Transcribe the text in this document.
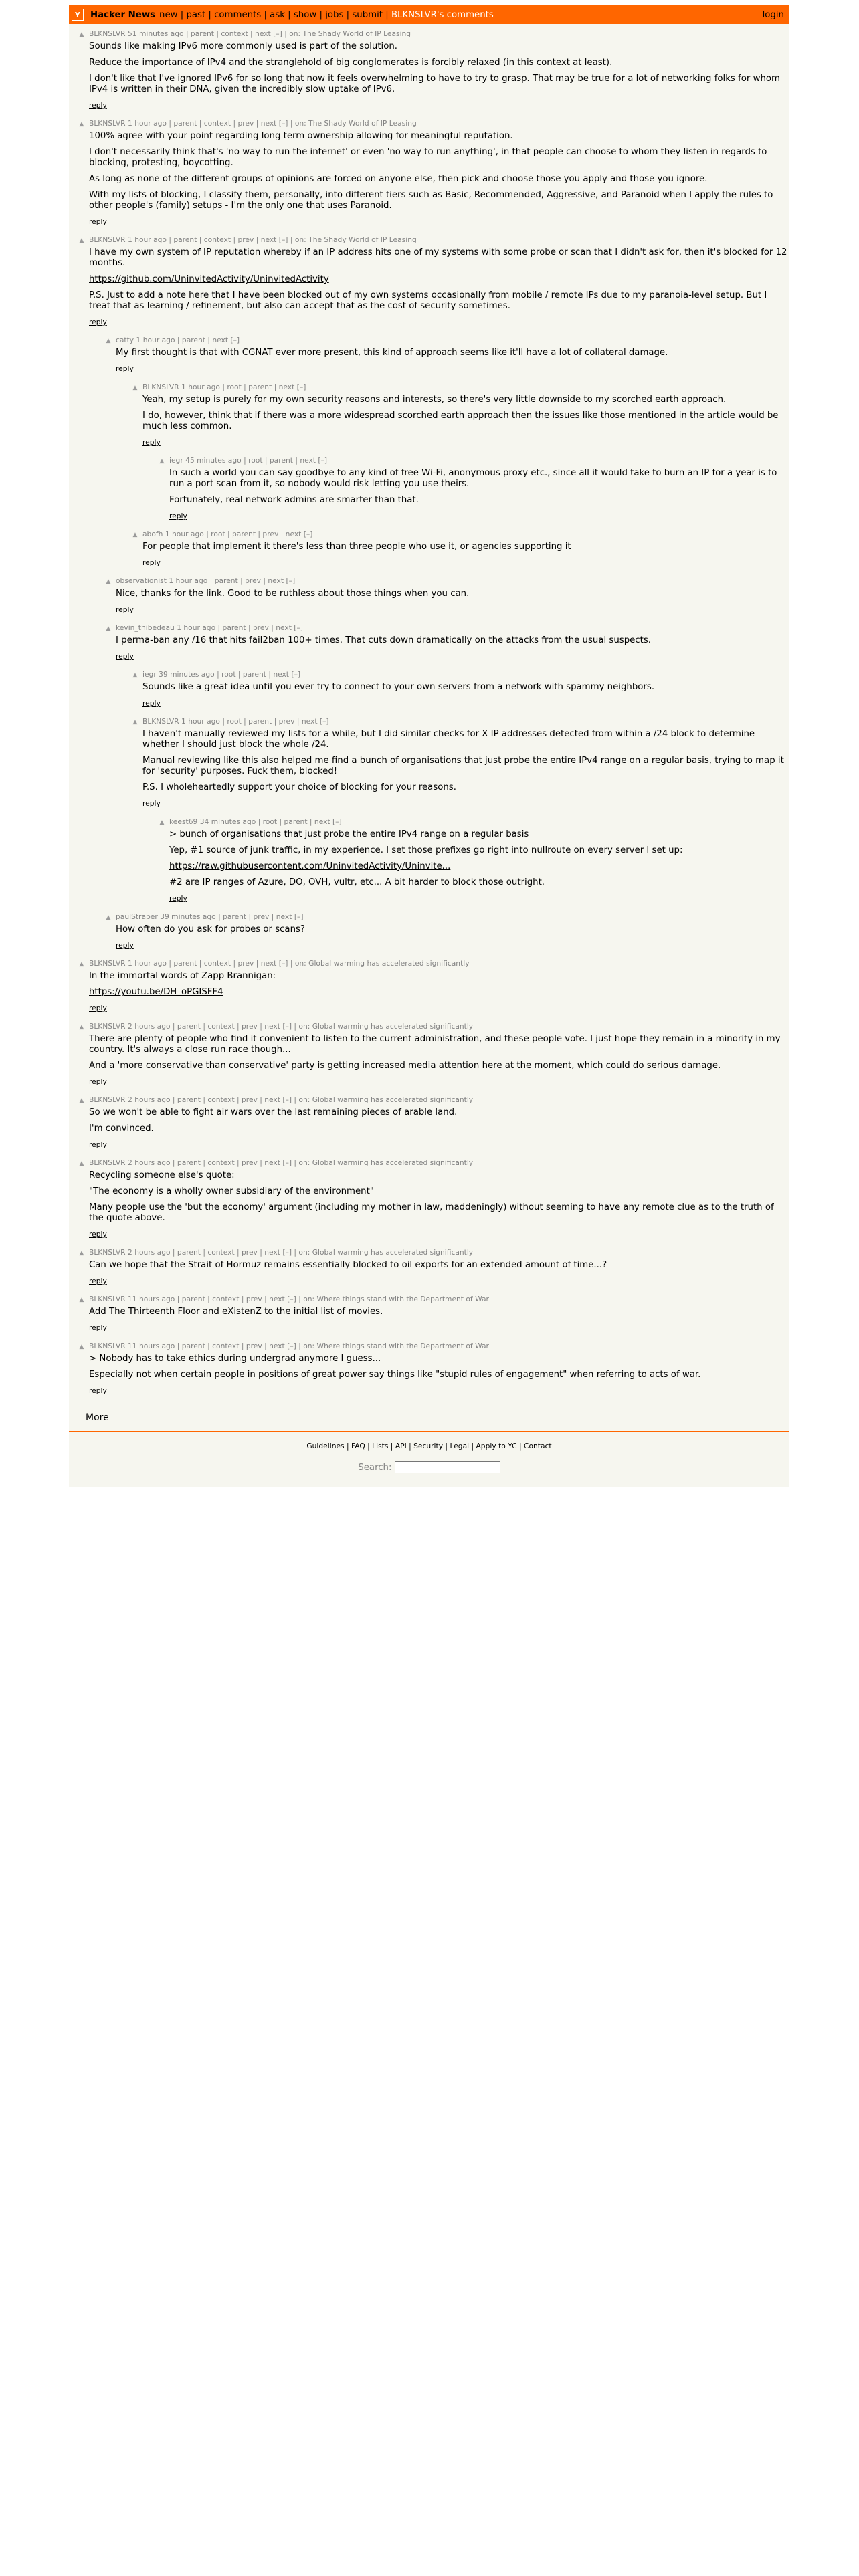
Y	Hacker News new | past | comments | ask | show | jobs | submit | BLKNSLVR's comments	login
▲ BLKNSLVR 51 minutes ago | parent | context | next [–] | on: The Shady World of IP Leasing

Sounds like making IPv6 more commonly used is part of the solution.

Reduce the importance of IPv4 and the stranglehold of big conglomerates is forcibly relaxed (in this context at least).

I don't like that I've ignored IPv6 for so long that now it feels overwhelming to have to try to grasp. That may be true for a lot of networking folks for whom IPv4 is written in their DNA, given the incredibly slow uptake of IPv6.

reply
▲ BLKNSLVR 1 hour ago | parent | context | prev | next [–] | on: The Shady World of IP Leasing

100% agree with your point regarding long term ownership allowing for meaningful reputation.

I don't necessarily think that's 'no way to run the internet' or even 'no way to run anything', in that people can choose to whom they listen in regards to blocking, protesting, boycotting.

As long as none of the different groups of opinions are forced on anyone else, then pick and choose those you apply and those you ignore.

With my lists of blocking, I classify them, personally, into different tiers such as Basic, Recommended, Aggressive, and Paranoid when I apply the rules to other people's (family) setups - I'm the only one that uses Paranoid.

reply
▲ BLKNSLVR 1 hour ago | parent | context | prev | next [–] | on: The Shady World of IP Leasing

I have my own system of IP reputation whereby if an IP address hits one of my systems with some probe or scan that I didn't ask for, then it's blocked for 12 months.

https://github.com/UninvitedActivity/UninvitedActivity

P.S. Just to add a note here that I have been blocked out of my own systems occasionally from mobile / remote IPs due to my paranoia-level setup. But I treat that as learning / refinement, but also can accept that as the cost of security sometimes.

reply
▲ catty 1 hour ago | parent | next [–]

My first thought is that with CGNAT ever more present, this kind of approach seems like it'll have a lot of collateral damage.

reply
▲ BLKNSLVR 1 hour ago | root | parent | next [–]

Yeah, my setup is purely for my own security reasons and interests, so there's very little downside to my scorched earth approach.

I do, however, think that if there was a more widespread scorched earth approach then the issues like those mentioned in the article would be much less common.

reply
▲ iegr 45 minutes ago | root | parent | next [–]

In such a world you can say goodbye to any kind of free Wi-Fi, anonymous proxy etc., since all it would take to burn an IP for a year is to run a port scan from it, so nobody would risk letting you use theirs.

Fortunately, real network admins are smarter than that.

reply
▲ abofh 1 hour ago | root | parent | prev | next [–]

For people that implement it there's less than three people who use it, or agencies supporting it

reply
▲ observationist 1 hour ago | parent | prev | next [–]

Nice, thanks for the link. Good to be ruthless about those things when you can.

reply
▲ kevin_thibedeau 1 hour ago | parent | prev | next [–]

I perma-ban any /16 that hits fail2ban 100+ times. That cuts down dramatically on the attacks from the usual suspects.

reply
▲ iegr 39 minutes ago | root | parent | next [–]

Sounds like a great idea until you ever try to connect to your own servers from a network with spammy neighbors.

reply
▲ BLKNSLVR 1 hour ago | root | parent | prev | next [–]

I haven't manually reviewed my lists for a while, but I did similar checks for X IP addresses detected from within a /24 block to determine whether I should just block the whole /24.

Manual reviewing like this also helped me find a bunch of organisations that just probe the entire IPv4 range on a regular basis, trying to map it for 'security' purposes. Fuck them, blocked!

P.S. I wholeheartedly support your choice of blocking for your reasons.

reply
▲ keest69 34 minutes ago | root | parent | next [–]

> bunch of organisations that just probe the entire IPv4 range on a regular basis

Yep, #1 source of junk traffic, in my experience. I set those prefixes go right into nullroute on every server I set up:

https://raw.githubusercontent.com/UninvitedActivity/Uninvite...

#2 are IP ranges of Azure, DO, OVH, vultr, etc... A bit harder to block those outright.

reply
▲ paulStraper 39 minutes ago | parent | prev | next [–]

How often do you ask for probes or scans?

reply
▲ BLKNSLVR 1 hour ago | parent | context | prev | next [–] | on: Global warming has accelerated significantly

In the immortal words of Zapp Brannigan:

https://youtu.be/DH_oPGISFF4

reply
▲ BLKNSLVR 2 hours ago | parent | context | prev | next [–] | on: Global warming has accelerated significantly

There are plenty of people who find it convenient to listen to the current administration, and these people vote. I just hope they remain in a minority in my country. It's always a close run race though...

And a 'more conservative than conservative' party is getting increased media attention here at the moment, which could do serious damage.

reply
▲ BLKNSLVR 2 hours ago | parent | context | prev | next [–] | on: Global warming has accelerated significantly

So we won't be able to fight air wars over the last remaining pieces of arable land.

I'm convinced.

reply
▲ BLKNSLVR 2 hours ago | parent | context | prev | next [–] | on: Global warming has accelerated significantly

Recycling someone else's quote:

"The economy is a wholly owner subsidiary of the environment"

Many people use the 'but the economy' argument (including my mother in law, maddeningly) without seeming to have any remote clue as to the truth of the quote above.

reply
▲ BLKNSLVR 2 hours ago | parent | context | prev | next [–] | on: Global warming has accelerated significantly

Can we hope that the Strait of Hormuz remains essentially blocked to oil exports for an extended amount of time...?

reply
▲ BLKNSLVR 11 hours ago | parent | context | prev | next [–] | on: Where things stand with the Department of War

Add The Thirteenth Floor and eXistenZ to the initial list of movies.

reply
▲ BLKNSLVR 11 hours ago | parent | context | prev | next [–] | on: Where things stand with the Department of War

> Nobody has to take ethics during undergrad anymore I guess...

Especially not when certain people in positions of great power say things like "stupid rules of engagement" when referring to acts of war.

reply
More
Guidelines | FAQ | Lists | API | Security | Legal | Apply to YC | Contact
Search:
